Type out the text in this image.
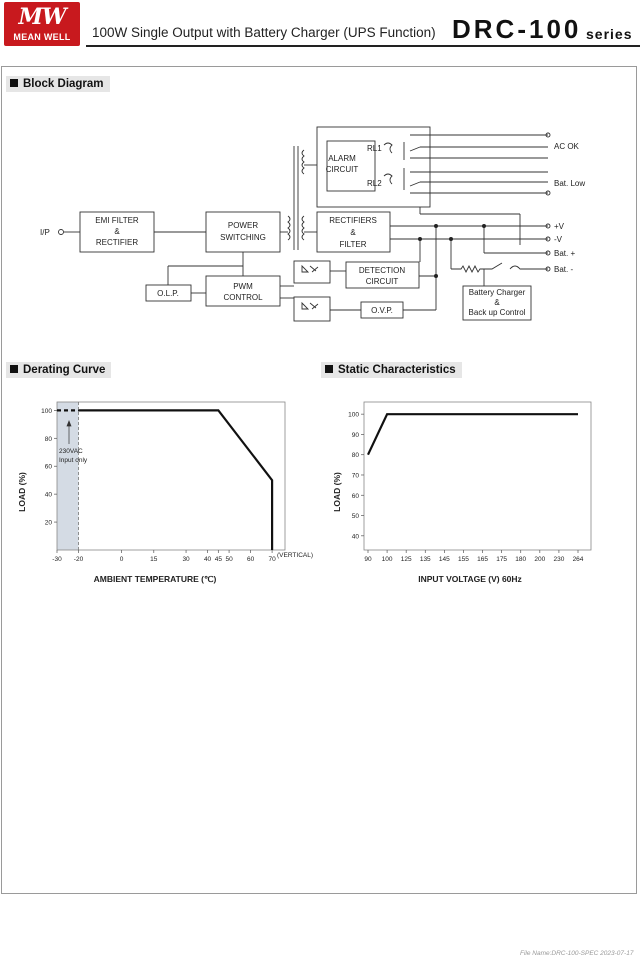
MW
MEAN WELL	100W Single Output with Battery Charger (UPS Function) DRC-100 series
Block Diagram
Derating Curve	Static Characteristics
I/P
EMI FILTER
&
RECTIFIER
POWER
SWITCHING
ALARM
CIRCUIT
RL1
RL2
RECTIFIERS
&
FILTER
O.L.P.
PWM
CONTROL
DETECTION
CIRCUIT
O.V.P.
Battery Charger
&
Back up Control
AC OK
Bat. Low
+V
-V
Bat. +
Bat. -
20
40
60
80
100
-30 -20	0	15	30 40 45 50 60 70
230VAC
Input only
(VERTICAL)
AMBIENT TEMPERATURE (℃)
LOAD (%)
40
50
60
70
80
90
100
90 100 125 135 145 155 165 175 180 200 230 264
INPUT VOLTAGE (V) 60Hz
LOAD (%)
File Name:DRC-100-SPEC 2023-07-17
